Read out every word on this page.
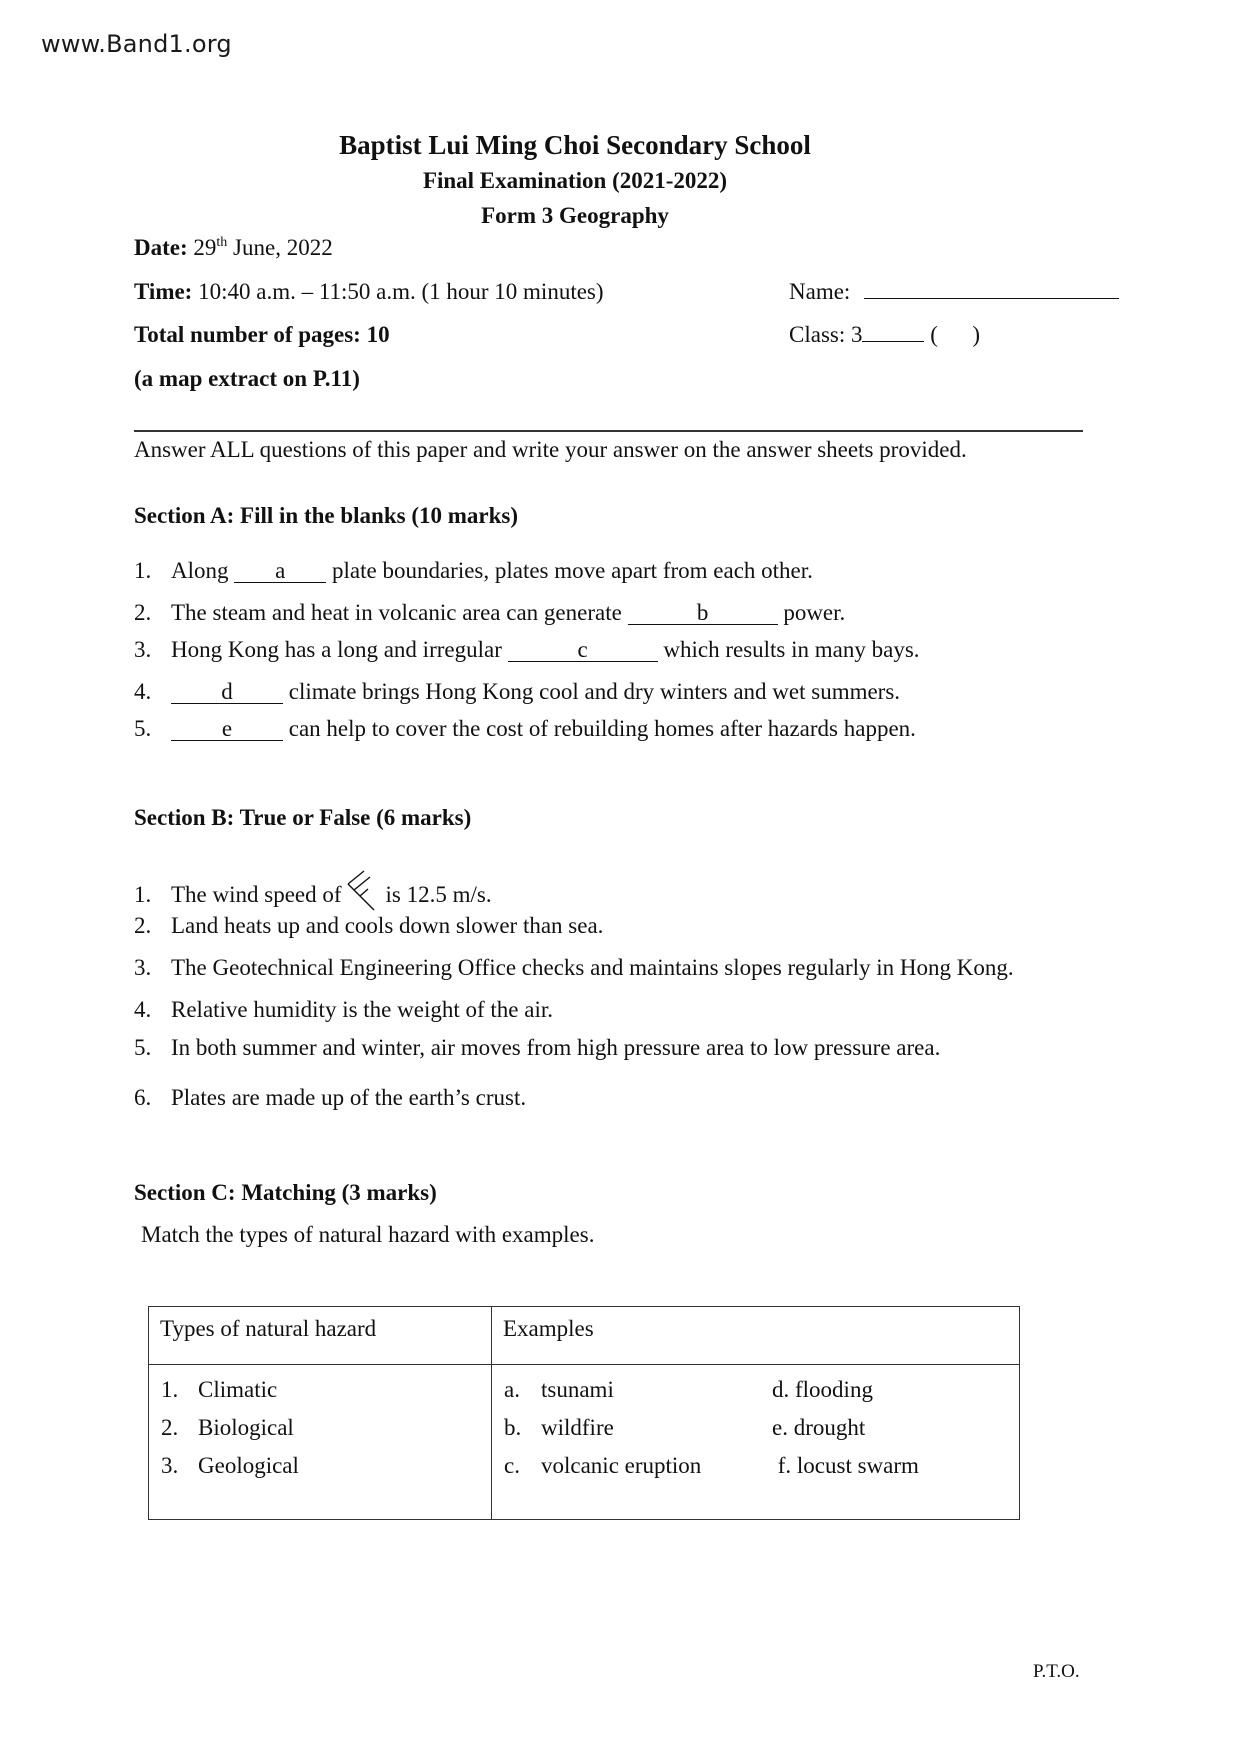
www.Band1.org
Baptist Lui Ming Choi Secondary School
Final Examination (2021-2022)
Form 3 Geography
Date: 29th June, 2022
Time: 10:40 a.m. – 11:50 a.m. (1 hour 10 minutes)	Name:
Total number of pages: 10	Class: 3	(      )
(a map extract on P.11)
Answer ALL questions of this paper and write your answer on the answer sheets provided.
Section A: Fill in the blanks (10 marks)
1. Along a plate boundaries, plates move apart from each other.
2. The steam and heat in volcanic area can generate	b	power.
3. Hong Kong has a long and irregular	c	which results in many bays.
4.	d climate brings Hong Kong cool and dry winters and wet summers.
5.	e can help to cover the cost of rebuilding homes after hazards happen.
Section B: True or False (6 marks)
1. The wind speed of is 12.5 m/s.
2. Land heats up and cools down slower than sea.
3. The Geotechnical Engineering Office checks and maintains slopes regularly in Hong Kong.
4. Relative humidity is the weight of the air.
5. In both summer and winter, air moves from high pressure area to low pressure area.
6. Plates are made up of the earth’s crust.
Section C: Matching (3 marks)
Match the types of natural hazard with examples.
Types of natural hazard	Examples

1. Climatic
2. Biological
3. Geological

a. tsunami	d. flooding
b. wildfire	e. drought
c. volcanic eruption	f. locust swarm
P.T.O.
